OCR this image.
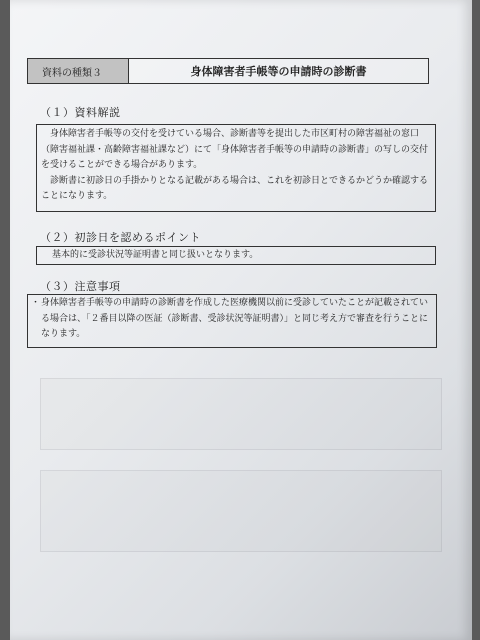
資料の種類３	身体障害者手帳等の申請時の診断書
（１）資料解説

身体障害者手帳等の交付を受けている場合、診断書等を提出した市区町村の障害福祉の窓口（障害福祉課・高齢障害福祉課など）にて「身体障害者手帳等の申請時の診断書」の写しの交付を受けることができる場合があります。

診断書に初診日の手掛かりとなる記載がある場合は、これを初診日とできるかどうか確認することになります。

（２）初診日を認めるポイント

基本的に受診状況等証明書と同じ扱いとなります。

（３）注意事項
・ 身体障害者手帳等の申請時の診断書を作成した医療機関以前に受診していたことが記載されている場合は、「２番目以降の医証（診断書、受診状況等証明書）」と同じ考え方で審査を行うことになります。
